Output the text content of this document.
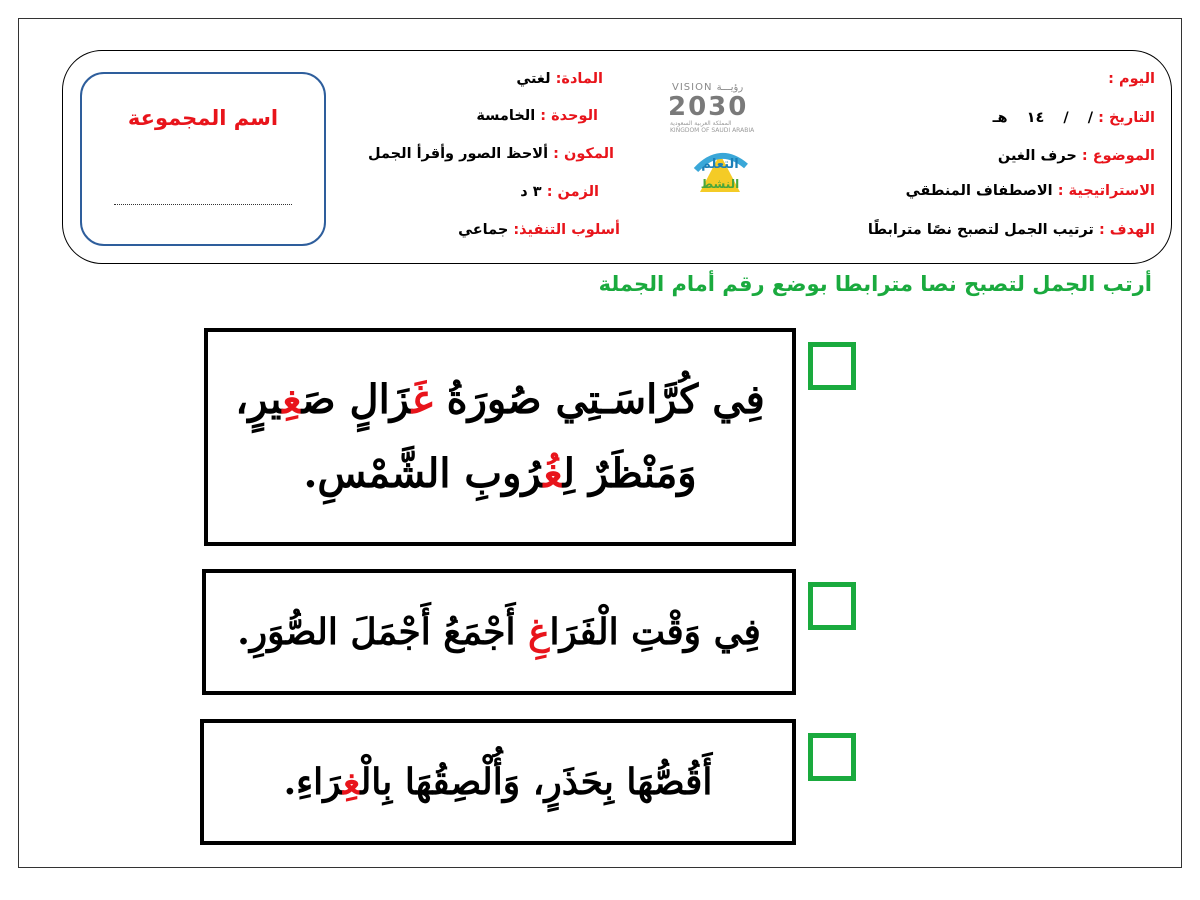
اليوم :
التاريخ : / / ١٤ هـ
الموضوع : حرف الغين
الاستراتيجية : الاصطفاف المنطقي
الهدف : ترتيب الجمل لتصبح نصًا مترابطًا
المادة: لغتي
الوحدة : الخامسة
المكون : ألاحظ الصور وأقرأ الجمل
الزمن : ٣ د
أسلوب التنفيذ: جماعي
VISION رؤيـــة
2030
المملكة العربية السعودية KINGDOM OF SAUDI ARABIA
التعلم
النشط
اسم المجموعة
أرتب الجمل لتصبح نصا مترابطا بوضع رقم أمام الجملة
فِي كُرَّاسَـتِي صُورَةُ غَزَالٍ صَغِيرٍ،
وَمَنْظَرٌ لِغُرُوبِ الشَّمْسِ.
فِي وَقْتِ الْفَرَاغِ أَجْمَعُ أَجْمَلَ الصُّوَرِ.
أَقُصُّهَا بِحَذَرٍ، وَأُلْصِقُهَا بِالْغِرَاءِ.
